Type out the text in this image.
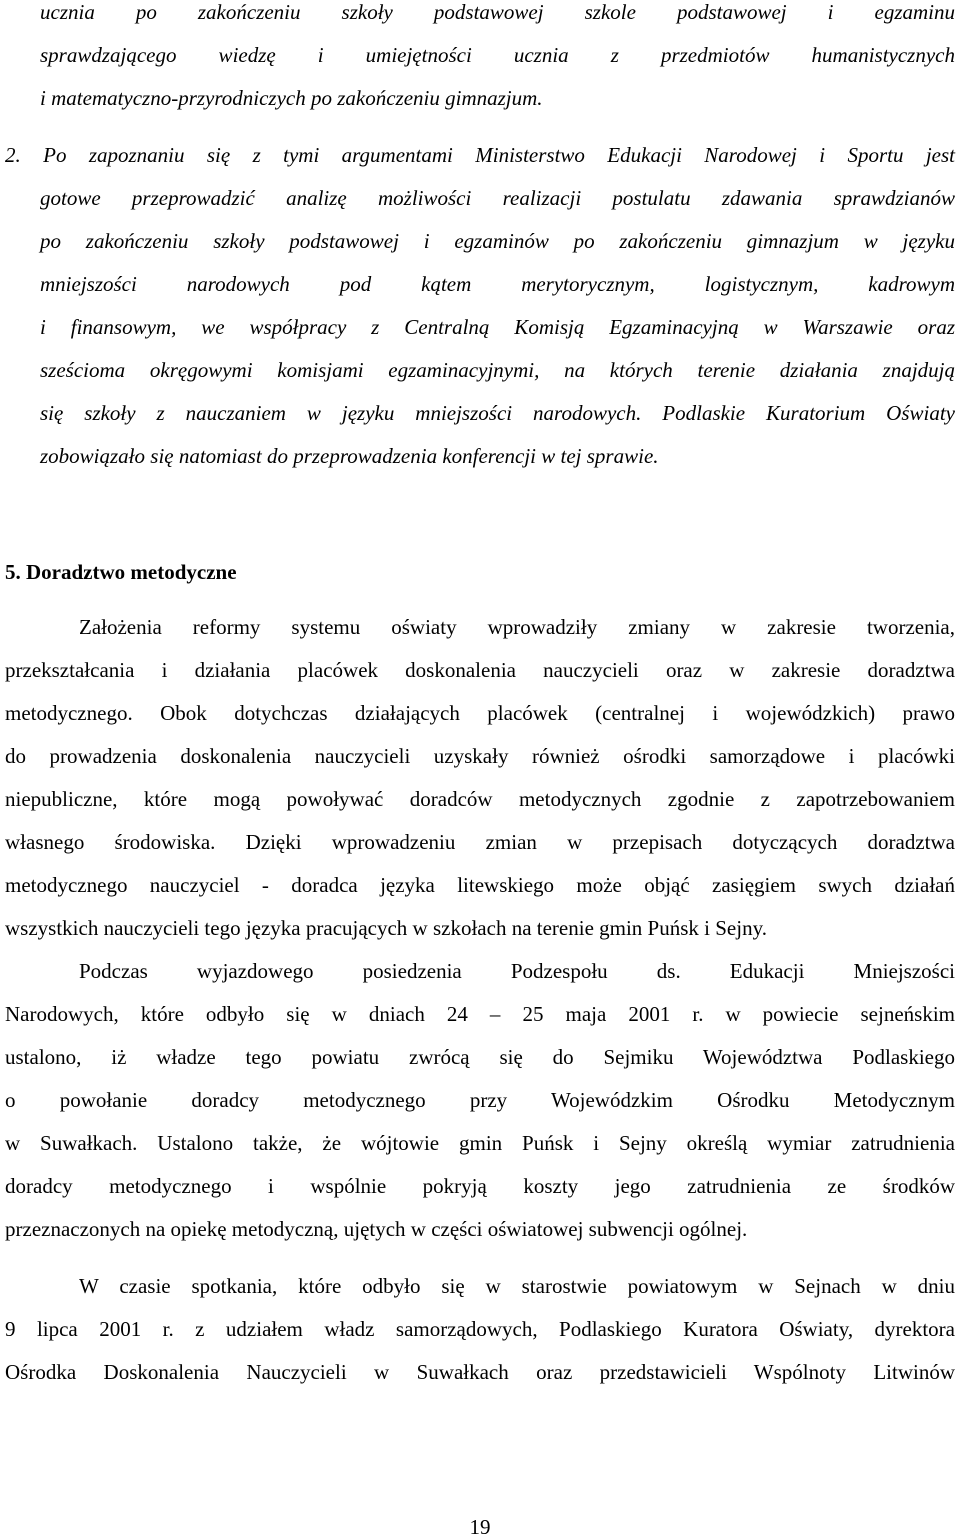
ucznia po zakończeniu szkoły podstawowej szkole podstawowej i egzaminu
sprawdzającego wiedzę i umiejętności ucznia z przedmiotów humanistycznych
i matematyczno-przyrodniczych po zakończeniu gimnazjum.
2. Po zapoznaniu się z tymi argumentami Ministerstwo Edukacji Narodowej i Sportu jest
gotowe przeprowadzić analizę możliwości realizacji postulatu zdawania sprawdzianów
po zakończeniu szkoły podstawowej i egzaminów po zakończeniu gimnazjum w języku
mniejszości narodowych pod kątem merytorycznym, logistycznym, kadrowym
i finansowym, we współpracy z Centralną Komisją Egzaminacyjną w Warszawie oraz
sześcioma okręgowymi komisjami egzaminacyjnymi, na których terenie działania znajdują
się szkoły z nauczaniem w języku mniejszości narodowych. Podlaskie Kuratorium Oświaty
zobowiązało się natomiast do przeprowadzenia konferencji w tej sprawie.
5. Doradztwo metodyczne
Założenia reformy systemu oświaty wprowadziły zmiany w zakresie tworzenia,
przekształcania i działania placówek doskonalenia nauczycieli oraz w zakresie doradztwa
metodycznego. Obok dotychczas działających placówek (centralnej i wojewódzkich) prawo
do prowadzenia doskonalenia nauczycieli uzyskały również ośrodki samorządowe i placówki
niepubliczne, które mogą powoływać doradców metodycznych zgodnie z zapotrzebowaniem
własnego środowiska. Dzięki wprowadzeniu zmian w przepisach dotyczących doradztwa
metodycznego nauczyciel - doradca języka litewskiego może objąć zasięgiem swych działań
wszystkich nauczycieli tego języka pracujących w szkołach na terenie gmin Puńsk i Sejny.
Podczas wyjazdowego posiedzenia Podzespołu ds. Edukacji Mniejszości
Narodowych, które odbyło się w dniach 24 – 25 maja 2001 r. w powiecie sejneńskim
ustalono, iż władze tego powiatu zwrócą się do Sejmiku Województwa Podlaskiego
o powołanie doradcy metodycznego przy Wojewódzkim Ośrodku Metodycznym
w Suwałkach. Ustalono także, że wójtowie gmin Puńsk i Sejny określą wymiar zatrudnienia
doradcy metodycznego i wspólnie pokryją koszty jego zatrudnienia ze środków
przeznaczonych na opiekę metodyczną, ujętych w części oświatowej subwencji ogólnej.
W czasie spotkania, które odbyło się w starostwie powiatowym w Sejnach w dniu
9 lipca 2001 r. z udziałem władz samorządowych, Podlaskiego Kuratora Oświaty, dyrektora
Ośrodka Doskonalenia Nauczycieli w Suwałkach oraz przedstawicieli Wspólnoty Litwinów
19
